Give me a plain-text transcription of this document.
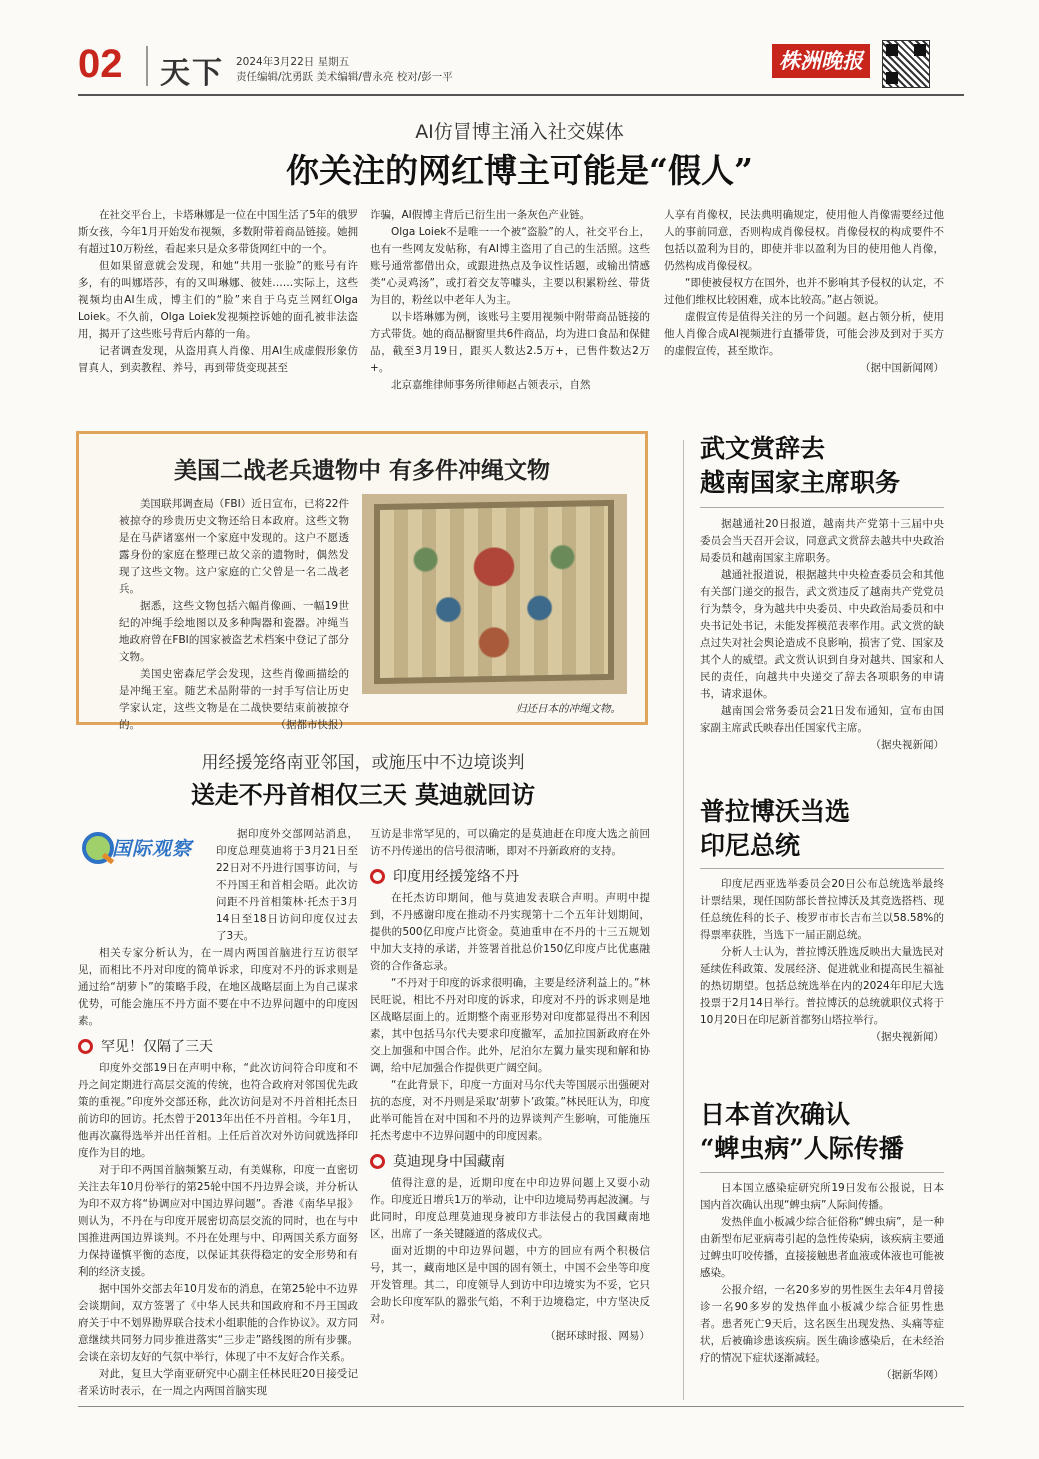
02 天下 2024年3月22日 星期五
责任编辑/沈勇跃 美术编辑/曹永亮 校对/彭一平
株洲晚报
AI仿冒博主涌入社交媒体
你关注的网红博主可能是“假人”

在社交平台上，卡塔琳娜是一位在中国生活了5年的俄罗斯女孩，今年1月开始发布视频，多数附带着商品链接。她拥有超过10万粉丝，看起来只是众多带货网红中的一个。
但如果留意就会发现，和她“共用一张脸”的账号有许多，有的叫娜塔莎，有的又叫琳娜、彼娃……实际上，这些视频均由AI生成，博主们的“脸”来自于乌克兰网红Olga Loiek。不久前，Olga Loiek发视频控诉她的面孔被非法盗用，揭开了这些账号背后内幕的一角。
记者调查发现，从盗用真人肖像、用AI生成虚假形象仿冒真人，到卖教程、养号，再到带货变现甚至

诈骗，AI假博主背后已衍生出一条灰色产业链。
Olga Loiek不是唯一一个被“盗脸”的人，社交平台上，也有一些网友发帖称，有AI博主盗用了自己的生活照。这些账号通常都借出众，或跟进热点及争议性话题，或输出情感类“心灵鸡汤”，或打着交友等噱头，主要以积累粉丝、带货为目的，粉丝以中老年人为主。
以卡塔琳娜为例，该账号主要用视频中附带商品链接的方式带货。她的商品橱窗里共6件商品，均为进口食品和保健品，截至3月19日，跟买人数达2.5万+，已售件数达2万+。
北京嘉维律师事务所律师赵占领表示，自然

人享有肖像权，民法典明确规定，使用他人肖像需要经过他人的事前同意，否则构成肖像侵权。肖像侵权的构成要件不包括以盈利为目的，即使并非以盈利为目的使用他人肖像，仍然构成肖像侵权。
“即使被侵权方在国外，也并不影响其予侵权的认定，不过他们维权比较困难，成本比较高。”赵占领说。
虚假宣传是值得关注的另一个问题。赵占领分析，使用他人肖像合成AI视频进行直播带货，可能会涉及到对于买方的虚假宣传，甚至欺诈。

（据中国新闻网）
美国二战老兵遗物中 有多件冲绳文物

美国联邦调查局（FBI）近日宣布，已将22件被掠夺的珍贵历史文物还给日本政府。这些文物是在马萨诸塞州一个家庭中发现的。这户不愿透露身份的家庭在整理已故父亲的遗物时，偶然发现了这些文物。这户家庭的亡父曾是一名二战老兵。
据悉，这些文物包括六幅肖像画、一幅19世纪的冲绳手绘地图以及多种陶器和瓷器。冲绳当地政府曾在FBI的国家被盗艺术档案中登记了部分文物。
美国史密森尼学会发现，这些肖像画描绘的是冲绳王室。随艺术品附带的一封手写信让历史学家认定，这些文物是在二战快要结束前被掠夺的。	（据都市快报）
归还日本的冲绳文物。
武文赏辞去
越南国家主席职务

据越通社20日报道，越南共产党第十三届中央委员会当天召开会议，同意武文赏辞去越共中央政治局委员和越南国家主席职务。
越通社报道说，根据越共中央检查委员会和其他有关部门递交的报告，武文赏违反了越南共产党党员行为禁令，身为越共中央委员、中央政治局委员和中央书记处书记，未能发挥模范表率作用。武文赏的缺点过失对社会舆论造成不良影响，损害了党、国家及其个人的威望。武文赏认识到自身对越共、国家和人民的责任，向越共中央递交了辞去各项职务的申请书，请求退休。
越南国会常务委员会21日发布通知，宣布由国家副主席武氏映春出任国家代主席。

（据央视新闻）
用经援笼络南亚邻国，或施压中不边境谈判
送走不丹首相仅三天 莫迪就回访
国际观察

据印度外交部网站消息，印度总理莫迪将于3月21日至22日对不丹进行国事访问，与不丹国王和首相会晤。此次访问距不丹首相策林·托杰于3月14日至18日访问印度仅过去了3天。
相关专家分析认为，在一周内两国首脑进行互访很罕见，而相比不丹对印度的简单诉求，印度对不丹的诉求则是通过给“胡萝卜”的策略手段，在地区战略层面上为自己谋求优势，可能会施压不丹方面不要在中不边界问题中的印度因素。

罕见！仅隔了三天

印度外交部19日在声明中称，“此次访问符合印度和不丹之间定期进行高层交流的传统，也符合政府对邻国优先政策的重视。”印度外交部还称，此次访问是对不丹首相托杰日前访印的回访。托杰曾于2013年出任不丹首相。今年1月，他再次赢得选举并出任首相。上任后首次对外访问就选择印度作为目的地。
对于印不两国首脑频繁互动，有美媒称，印度一直密切关注去年10月份举行的第25轮中国不丹边界会谈，并分析认为印不双方将“协调应对中国边界问题”。香港《南华早报》则认为，不丹在与印度开展密切高层交流的同时，也在与中国推进两国边界谈判。不丹在处理与中、印两国关系方面努力保持谨慎平衡的态度，以保证其获得稳定的安全形势和有利的经济支援。
据中国外交部去年10月发布的消息，在第25轮中不边界会谈期间，双方签署了《中华人民共和国政府和不丹王国政府关于中不划界勘界联合技术小组职能的合作协议》。双方同意继续共同努力同步推进落实“三步走”路线图的所有步骤。会谈在亲切友好的气氛中举行，体现了中不友好合作关系。
对此，复旦大学南亚研究中心副主任林民旺20日接受记者采访时表示，在一周之内两国首脑实现

互访是非常罕见的，可以确定的是莫迪赶在印度大选之前回访不丹传递出的信号很清晰，即对不丹新政府的支持。

印度用经援笼络不丹

在托杰访印期间，他与莫迪发表联合声明。声明中提到，不丹感谢印度在推动不丹实现第十二个五年计划期间，提供的500亿印度卢比资金。莫迪重申在不丹的十三五规划中加大支持的承诺，并签署首批总价150亿印度卢比优惠融资的合作备忘录。
“不丹对于印度的诉求很明确，主要是经济利益上的。”林民旺说，相比不丹对印度的诉求，印度对不丹的诉求则是地区战略层面上的。近期整个南亚形势对印度都显得出不利因素，其中包括马尔代夫要求印度撤军，孟加拉国新政府在外交上加强和中国合作。此外，尼泊尔左翼力量实现和解和协调，给中尼加强合作提供更广阔空间。
“在此背景下，印度一方面对马尔代夫等国展示出强硬对抗的态度，对不丹则是采取‘胡萝卜’政策。”林民旺认为，印度此举可能旨在对中国和不丹的边界谈判产生影响，可能施压托杰考虑中不边界问题中的印度因素。

莫迪现身中国藏南

值得注意的是，近期印度在中印边界问题上又耍小动作。印度近日增兵1万的举动，让中印边境局势再起波澜。与此同时，印度总理莫迪现身被印方非法侵占的我国藏南地区，出席了一条关键隧道的落成仪式。
面对近期的中印边界问题，中方的回应有两个积极信号，其一，藏南地区是中国的固有领土，中国不会坐等印度开发管理。其二，印度领导人到访中印边境实为不妥，它只会助长印度军队的嚣张气焰，不利于边境稳定，中方坚决反对。

（据环球时报、网易）
普拉博沃当选
印尼总统

印度尼西亚选举委员会20日公布总统选举最终计票结果，现任国防部长普拉博沃及其竞选搭档、现任总统佐科的长子、梭罗市市长吉布兰以58.58%的得票率获胜，当选下一届正副总统。
分析人士认为，普拉博沃胜选反映出大量选民对延续佐科政策、发展经济、促进就业和提高民生福祉的热切期望。包括总统选举在内的2024年印尼大选投票于2月14日举行。普拉博沃的总统就职仪式将于10月20日在印尼新首都努山塔拉举行。

（据央视新闻）
日本首次确认
“蜱虫病”人际传播

日本国立感染症研究所19日发布公报说，日本国内首次确认出现“蜱虫病”人际间传播。
发热伴血小板减少综合征俗称“蜱虫病”，是一种由新型布尼亚病毒引起的急性传染病，该疾病主要通过蜱虫叮咬传播，直接接触患者血液或体液也可能被感染。
公报介绍，一名20多岁的男性医生去年4月曾接诊一名90多岁的发热伴血小板减少综合征男性患者。患者死亡9天后，这名医生出现发热、头痛等症状，后被确诊患该疾病。医生确诊感染后，在未经治疗的情况下症状逐渐减轻。

（据新华网）
